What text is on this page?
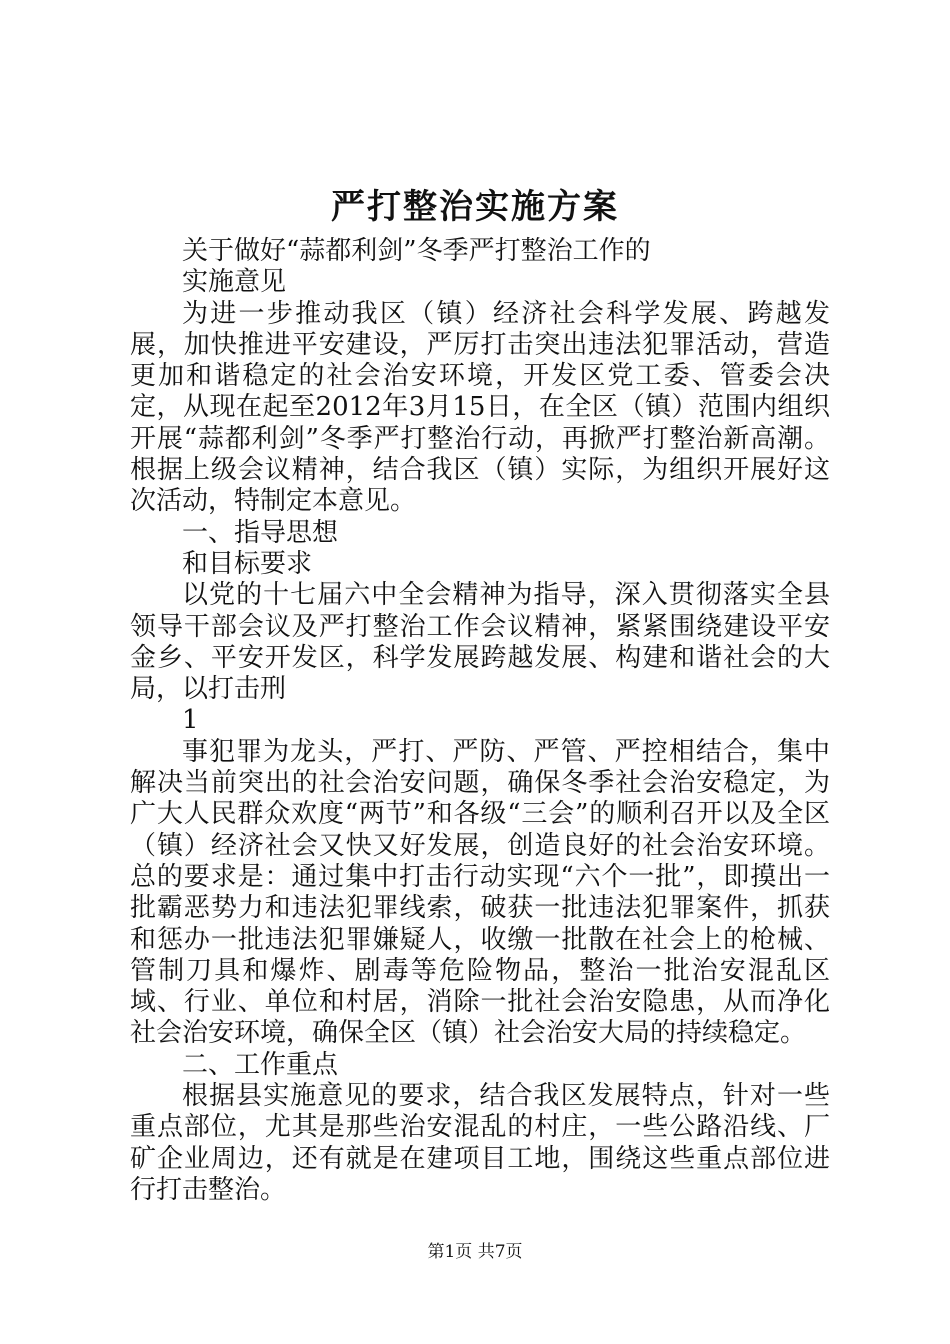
严打整治实施方案

关于做好“蒜都利剑”冬季严打整治工作的

实施意见

为进一步推动我区（镇）经济社会科学发展、跨越发展，加快推进平安建设，严厉打击突出违法犯罪活动，营造更加和谐稳定的社会治安环境，开发区党工委、管委会决定，从现在起至2012年3月15日，在全区（镇）范围内组织开展“蒜都利剑”冬季严打整治行动，再掀严打整治新高潮。根据上级会议精神，结合我区（镇）实际，为组织开展好这次活动，特制定本意见。

一、指导思想

和目标要求

以党的十七届六中全会精神为指导，深入贯彻落实全县领导干部会议及严打整治工作会议精神，紧紧围绕建设平安金乡、平安开发区，科学发展跨越发展、构建和谐社会的大局，以打击刑

1

事犯罪为龙头，严打、严防、严管、严控相结合，集中解决当前突出的社会治安问题，确保冬季社会治安稳定，为广大人民群众欢度“两节”和各级“三会”的顺利召开以及全区（镇）经济社会又快又好发展，创造良好的社会治安环境。总的要求是：通过集中打击行动实现“六个一批”，即摸出一批霸恶势力和违法犯罪线索，破获一批违法犯罪案件，抓获和惩办一批违法犯罪嫌疑人，收缴一批散在社会上的枪械、管制刀具和爆炸、剧毒等危险物品，整治一批治安混乱区域、行业、单位和村居，消除一批社会治安隐患，从而净化社会治安环境，确保全区（镇）社会治安大局的持续稳定。

二、工作重点

根据县实施意见的要求，结合我区发展特点，针对一些重点部位，尤其是那些治安混乱的村庄，一些公路沿线、厂矿企业周边，还有就是在建项目工地，围绕这些重点部位进行打击整治。

第1页 共7页
